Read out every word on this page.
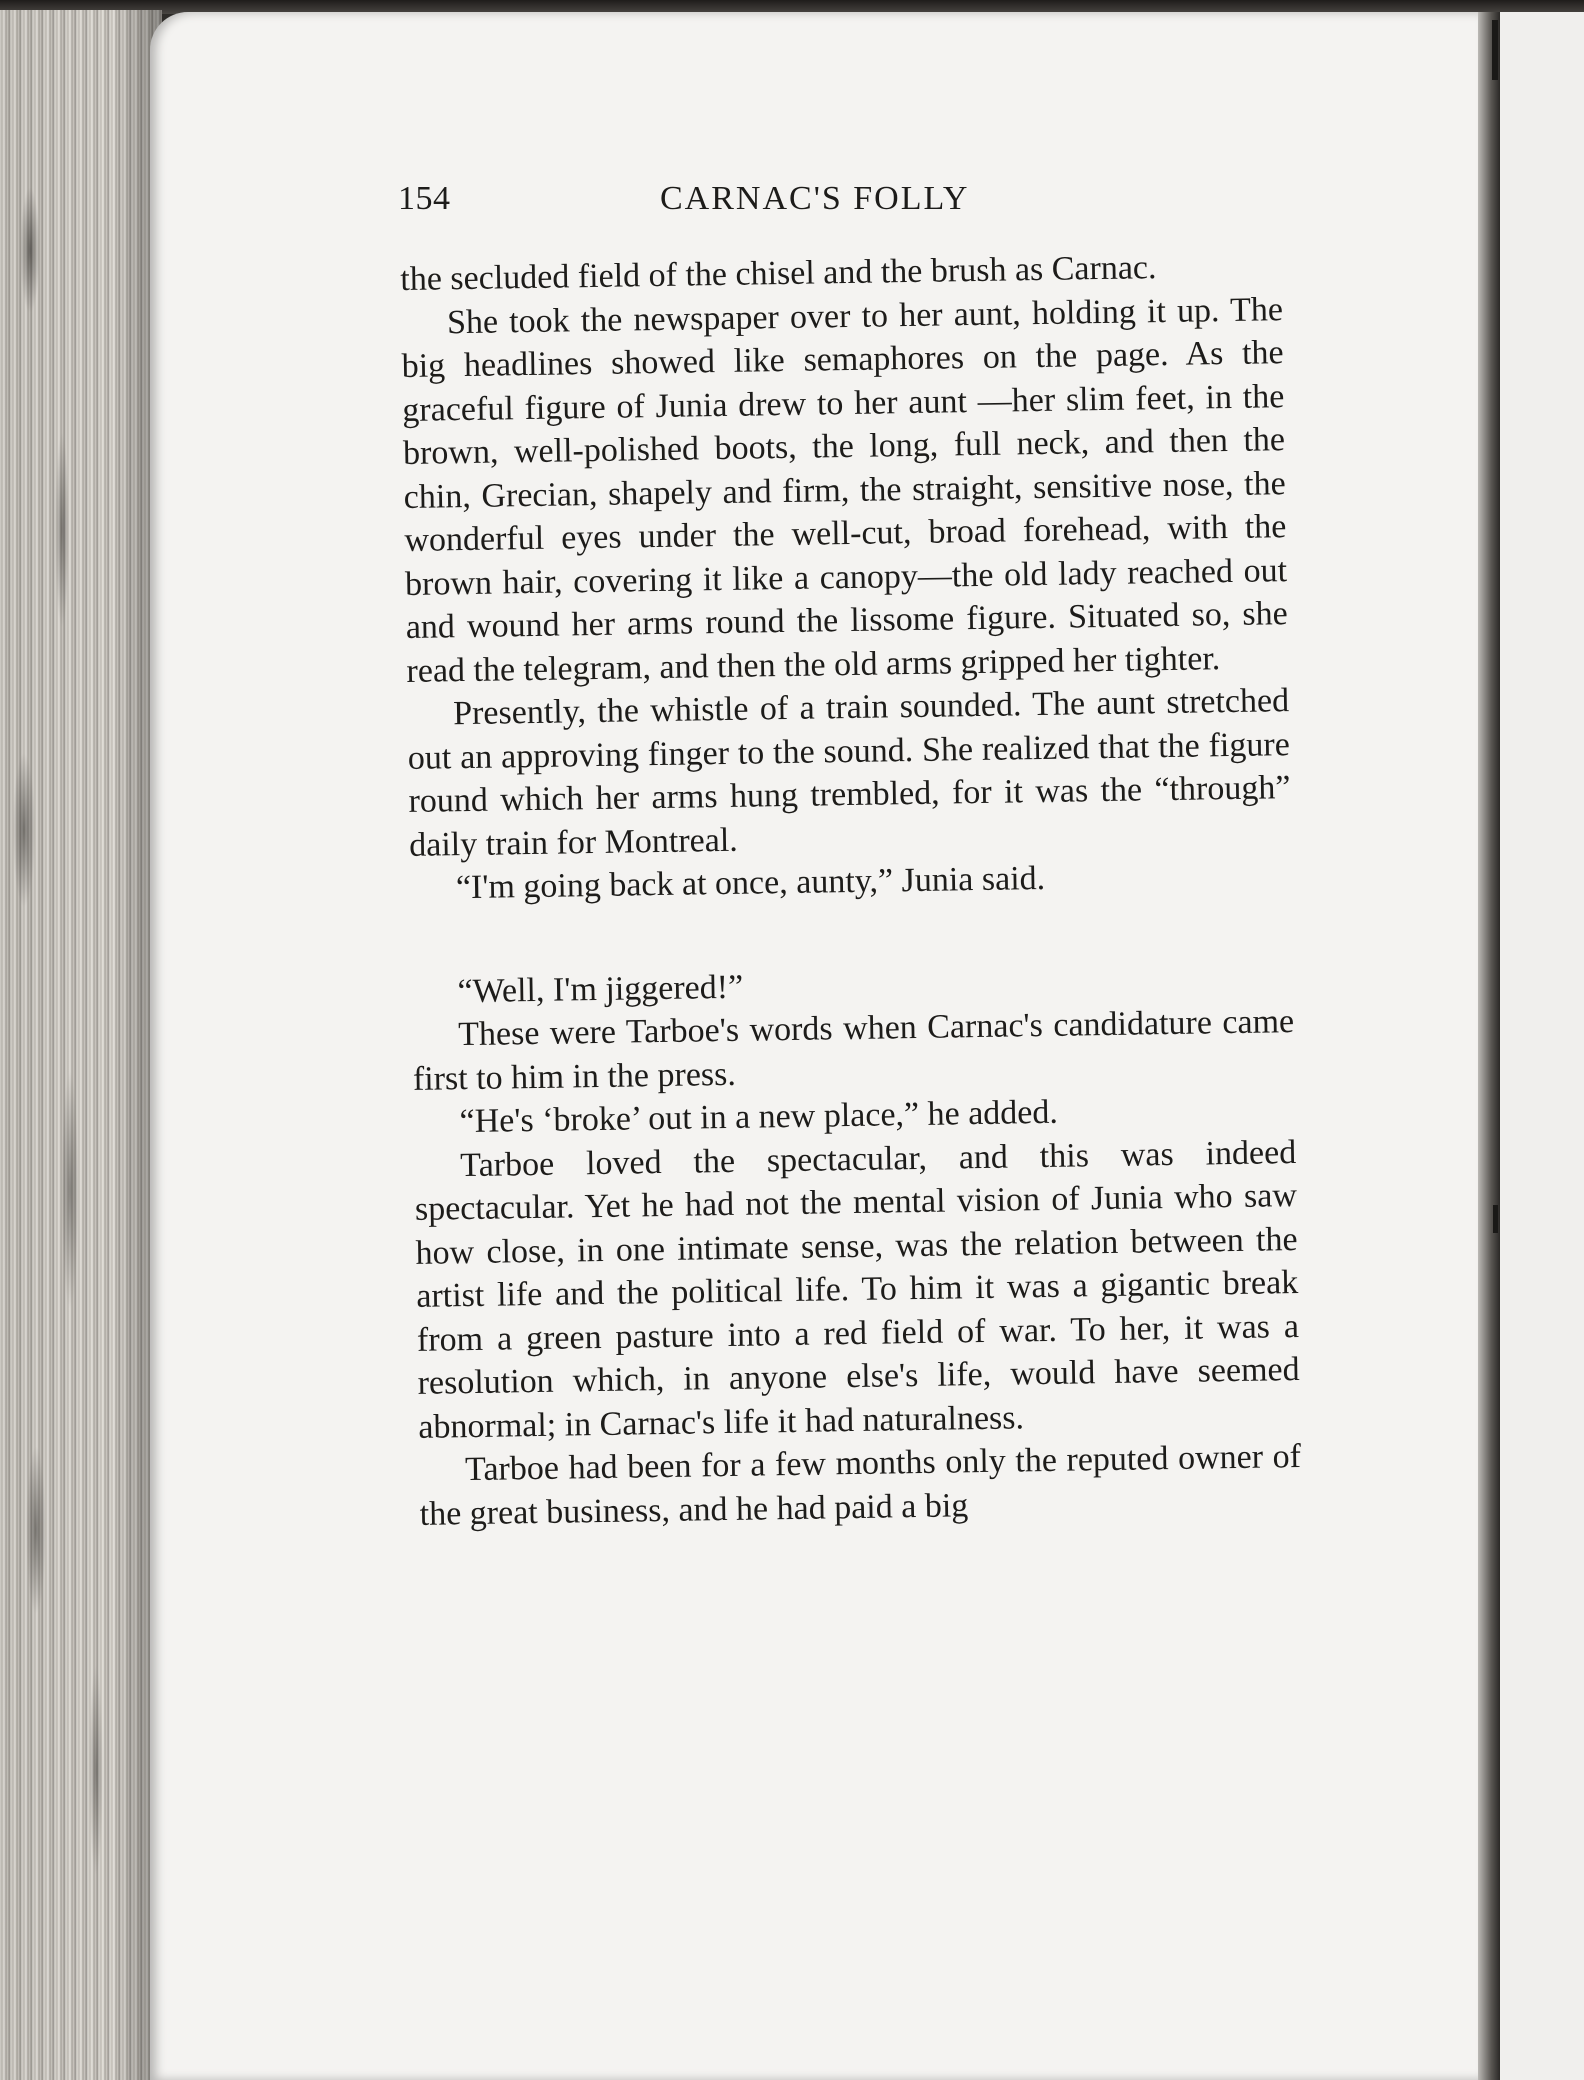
154	CARNAC'S FOLLY

the secluded field of the chisel and the brush as Carnac.

She took the newspaper over to her aunt, holding it up. The big headlines showed like semaphores on the page. As the graceful figure of Junia drew to her aunt —her slim feet, in the brown, well-polished boots, the long, full neck, and then the chin, Grecian, shapely and firm, the straight, sensitive nose, the wonderful eyes under the well-cut, broad forehead, with the brown hair, covering it like a canopy—the old lady reached out and wound her arms round the lissome figure. Situated so, she read the telegram, and then the old arms gripped her tighter.

Presently, the whistle of a train sounded. The aunt stretched out an approving finger to the sound. She realized that the figure round which her arms hung trembled, for it was the “through” daily train for Montreal.

“I'm going back at once, aunty,” Junia said.

“Well, I'm jiggered!”

These were Tarboe's words when Carnac's candidature came first to him in the press.

“He's ‘broke’ out in a new place,” he added.

Tarboe loved the spectacular, and this was indeed spectacular. Yet he had not the mental vision of Junia who saw how close, in one intimate sense, was the relation between the artist life and the political life. To him it was a gigantic break from a green pasture into a red field of war. To her, it was a resolution which, in anyone else's life, would have seemed abnormal; in Carnac's life it had naturalness.

Tarboe had been for a few months only the reputed owner of the great business, and he had paid a big
